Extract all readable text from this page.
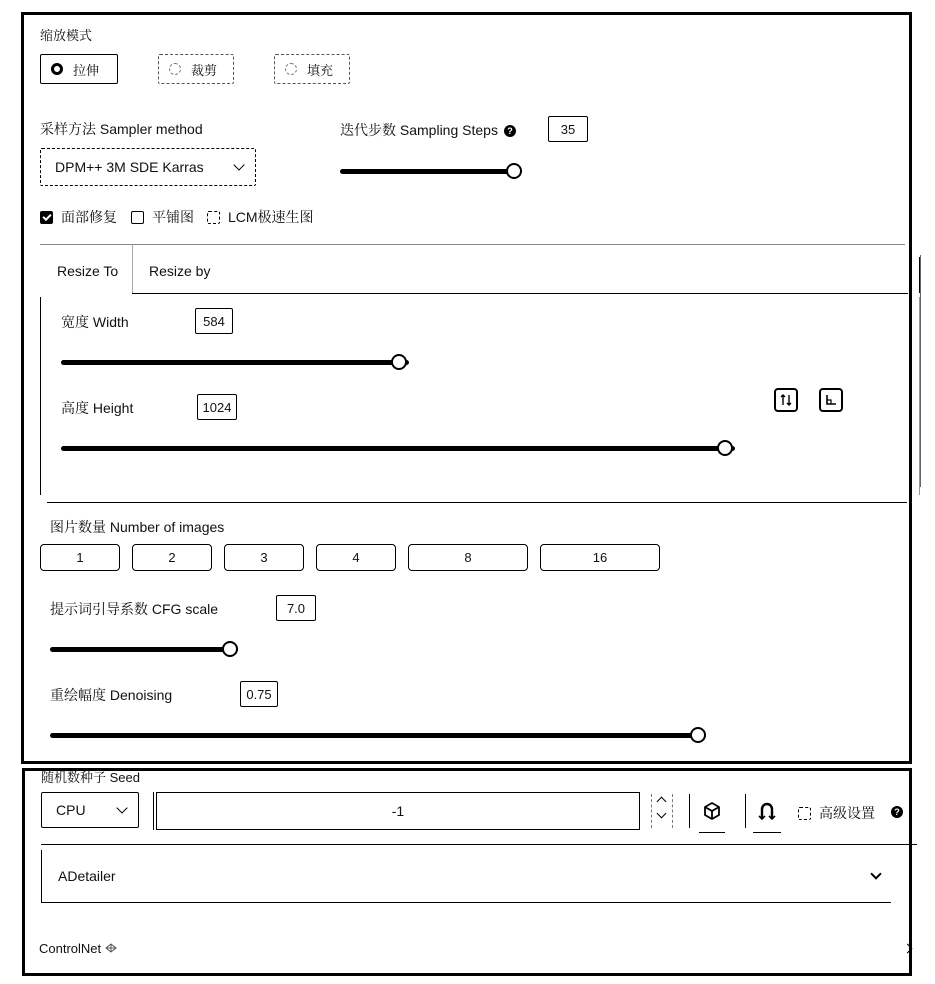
缩放模式
拉伸	裁剪	填充
采样方法 Sampler method
DPM++ 3M SDE Karras
迭代步数 Sampling Steps ?	35
面部修复	平铺图 LCM极速生图
Resize To Resize by
宽度 Width	584
高度 Height	1024
图片数量 Number of images
1	2	3	4	8	16
提示词引导系数 CFG scale	7.0
重绘幅度 Denoising	0.75
随机数种子 Seed
CPU	-1	高级设置	?
ADetailer
ControlNet
